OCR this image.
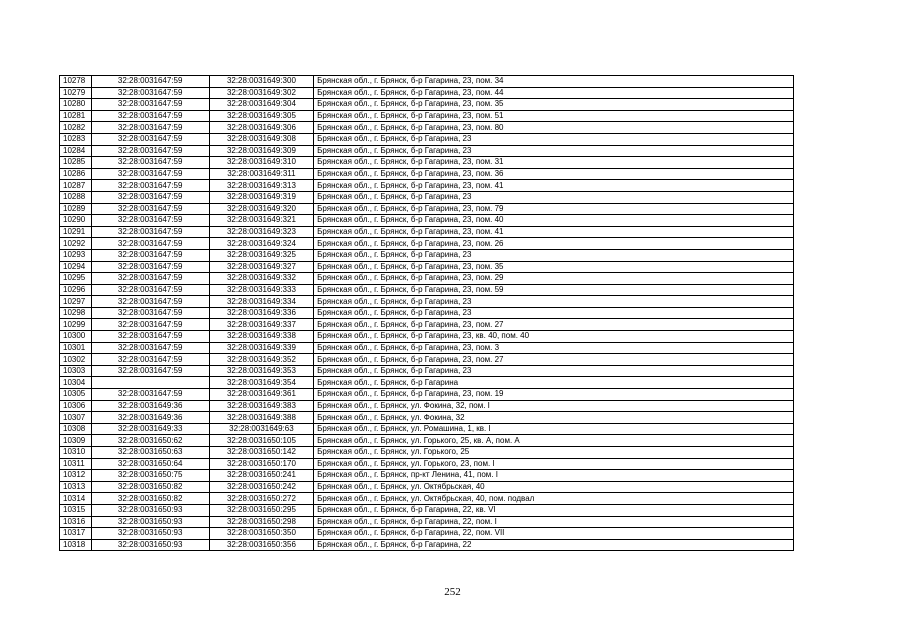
10278	32:28:0031647:59	32:28:0031649:300	Брянская обл., г. Брянск, б-р Гагарина, 23, пом. 34
10279	32:28:0031647:59	32:28:0031649:302	Брянская обл., г. Брянск, б-р Гагарина, 23, пом. 44
10280	32:28:0031647:59	32:28:0031649:304	Брянская обл., г. Брянск, б-р Гагарина, 23, пом. 35
10281	32:28:0031647:59	32:28:0031649:305	Брянская обл., г. Брянск, б-р Гагарина, 23, пом. 51
10282	32:28:0031647:59	32:28:0031649:306	Брянская обл., г. Брянск, б-р Гагарина, 23, пом. 80
10283	32:28:0031647:59	32:28:0031649:308	Брянская обл., г. Брянск, б-р Гагарина, 23
10284	32:28:0031647:59	32:28:0031649:309	Брянская обл., г. Брянск, б-р Гагарина, 23
10285	32:28:0031647:59	32:28:0031649:310	Брянская обл., г. Брянск, б-р Гагарина, 23, пом. 31
10286	32:28:0031647:59	32:28:0031649:311	Брянская обл., г. Брянск, б-р Гагарина, 23, пом. 36
10287	32:28:0031647:59	32:28:0031649:313	Брянская обл., г. Брянск, б-р Гагарина, 23, пом. 41
10288	32:28:0031647:59	32:28:0031649:319	Брянская обл., г. Брянск, б-р Гагарина, 23
10289	32:28:0031647:59	32:28:0031649:320	Брянская обл., г. Брянск, б-р Гагарина, 23, пом. 79
10290	32:28:0031647:59	32:28:0031649:321	Брянская обл., г. Брянск, б-р Гагарина, 23, пом. 40
10291	32:28:0031647:59	32:28:0031649:323	Брянская обл., г. Брянск, б-р Гагарина, 23, пом. 41
10292	32:28:0031647:59	32:28:0031649:324	Брянская обл., г. Брянск, б-р Гагарина, 23, пом. 26
10293	32:28:0031647:59	32:28:0031649:325	Брянская обл., г. Брянск, б-р Гагарина, 23
10294	32:28:0031647:59	32:28:0031649:327	Брянская обл., г. Брянск, б-р Гагарина, 23, пом. 35
10295	32:28:0031647:59	32:28:0031649:332	Брянская обл., г. Брянск, б-р Гагарина, 23, пом. 29
10296	32:28:0031647:59	32:28:0031649:333	Брянская обл., г. Брянск, б-р Гагарина, 23, пом. 59
10297	32:28:0031647:59	32:28:0031649:334	Брянская обл., г. Брянск, б-р Гагарина, 23
10298	32:28:0031647:59	32:28:0031649:336	Брянская обл., г. Брянск, б-р Гагарина, 23
10299	32:28:0031647:59	32:28:0031649:337	Брянская обл., г. Брянск, б-р Гагарина, 23, пом. 27
10300	32:28:0031647:59	32:28:0031649:338	Брянская обл., г. Брянск, б-р Гагарина, 23, кв. 40, пом. 40
10301	32:28:0031647:59	32:28:0031649:339	Брянская обл., г. Брянск, б-р Гагарина, 23, пом. 3
10302	32:28:0031647:59	32:28:0031649:352	Брянская обл., г. Брянск, б-р Гагарина, 23, пом. 27
10303	32:28:0031647:59	32:28:0031649:353	Брянская обл., г. Брянск, б-р Гагарина, 23
10304		32:28:0031649:354	Брянская обл., г. Брянск, б-р Гагарина
10305	32:28:0031647:59	32:28:0031649:361	Брянская обл., г. Брянск, б-р Гагарина, 23, пом. 19
10306	32:28:0031649:36	32:28:0031649:383	Брянская обл., г. Брянск, ул. Фокина, 32, пом. I
10307	32:28:0031649:36	32:28:0031649:388	Брянская обл., г. Брянск, ул. Фокина, 32
10308	32:28:0031649:33	32:28:0031649:63	Брянская обл., г. Брянск, ул. Ромашина, 1, кв. I
10309	32:28:0031650:62	32:28:0031650:105	Брянская обл., г. Брянск, ул. Горького, 25, кв. А, пом. А
10310	32:28:0031650:63	32:28:0031650:142	Брянская обл., г. Брянск, ул. Горького, 25
10311	32:28:0031650:64	32:28:0031650:170	Брянская обл., г. Брянск, ул. Горького, 23, пом. I
10312	32:28:0031650:75	32:28:0031650:241	Брянская обл., г. Брянск, пр-кт Ленина, 41, пом. I
10313	32:28:0031650:82	32:28:0031650:242	Брянская обл., г. Брянск, ул. Октябрьская, 40
10314	32:28:0031650:82	32:28:0031650:272	Брянская обл., г. Брянск, ул. Октябрьская, 40, пом. подвал
10315	32:28:0031650:93	32:28:0031650:295	Брянская обл., г. Брянск, б-р Гагарина, 22, кв. VI
10316	32:28:0031650:93	32:28:0031650:298	Брянская обл., г. Брянск, б-р Гагарина, 22, пом. I
10317	32:28:0031650:93	32:28:0031650:350	Брянская обл., г. Брянск, б-р Гагарина, 22, пом. VII
10318	32:28:0031650:93	32:28:0031650:356	Брянская обл., г. Брянск, б-р Гагарина, 22
252
